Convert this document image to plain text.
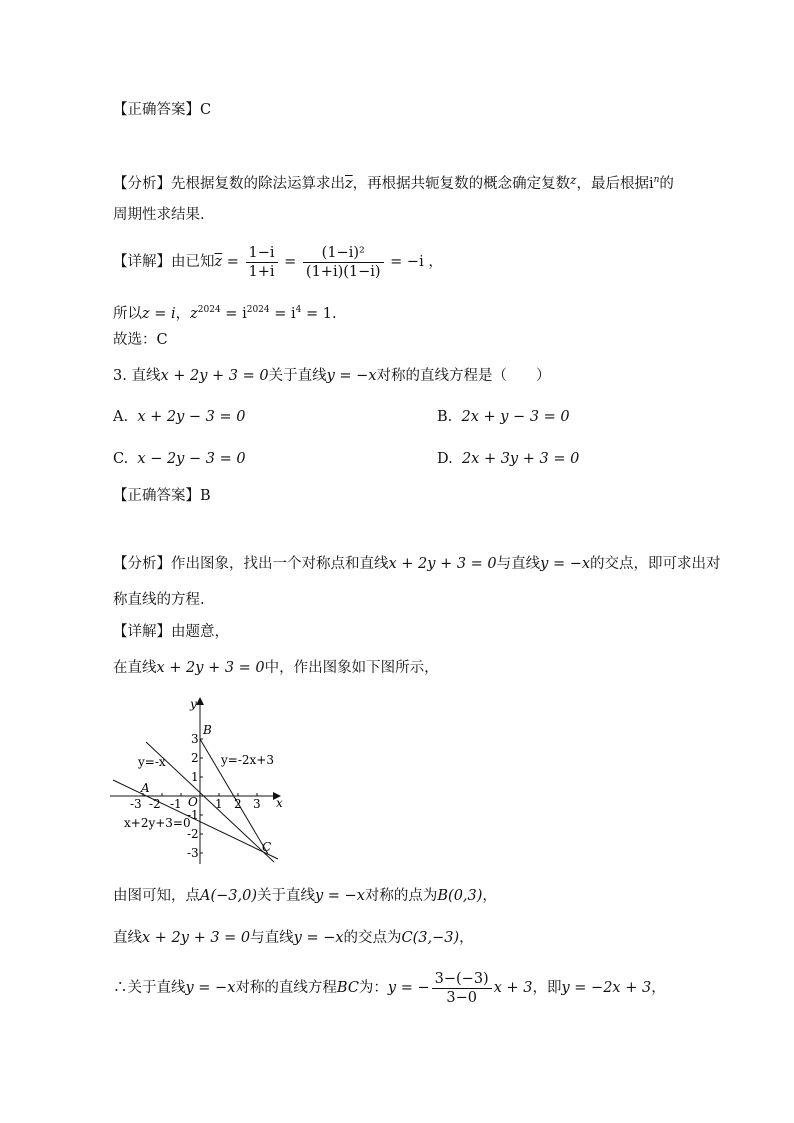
【正确答案】C
【分析】先根据复数的除法运算求出$\overline{z}$，再根据共轭复数的概念确定复数$^z$，最后根据$i^n$的
周期性求结果.
【详解】由已知$\overline{z} = \frac{1-i}{1+i} = \frac{\text{(1−i)²}}{(1+i)(1-i)} = -i$ ，
所以z = i，$z^{2024} = i^{2024} = i^4 = 1$.
故选：C
3. 直线x + 2y + 3 = 0关于直线y = −x对称的直线方程是（　　）
A. x + 2y − 3 = 0	B. 2x + y − 3 = 0
C. x − 2y − 3 = 0	D. 2x + 3y + 3 = 0
【正确答案】B
【分析】作出图象，找出一个对称点和直线x + 2y + 3 = 0与直线y = −x的交点，即可求出对
称直线的方程.
【详解】由题意，
在直线x + 2y + 3 = 0中，作出图象如下图所示，
-3 -2 -1	1 2 3
3
2
1
-1
-2
-3
y
x
O
A
B
C
y=-x	y=-2x+3
x+2y+3=0
由图可知，点A(−3,0)关于直线y = −x对称的点为B(0,3)，
直线x + 2y + 3 = 0与直线y = −x的交点为C(3,−3)，
∴关于直线y = −x对称的直线方程BC为：y = − $\frac{3-(-3)}{3-0}$ x + 3，即y = −2x + 3，
